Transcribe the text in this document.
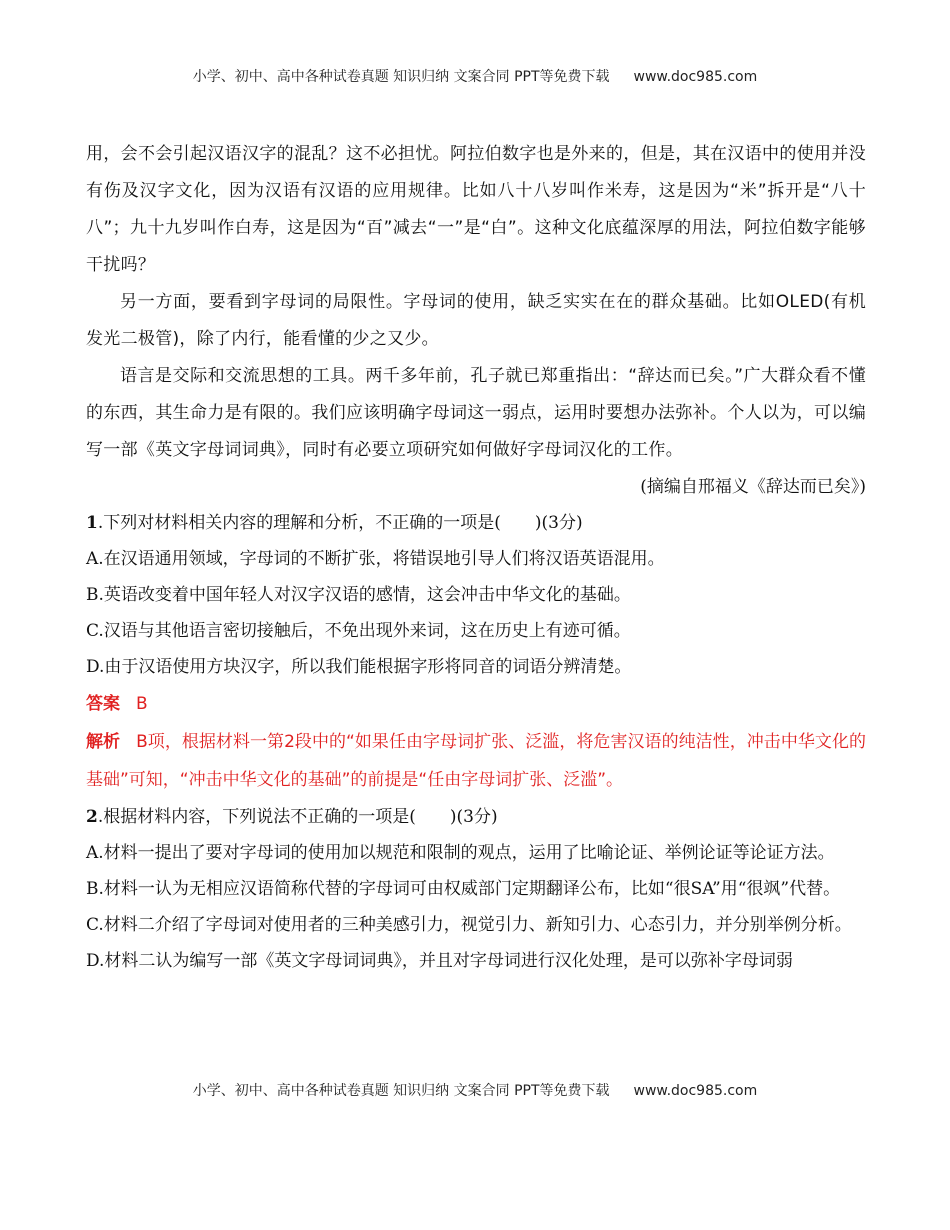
小学、初中、高中各种试卷真题 知识归纳 文案合同 PPT等免费下载 www.doc985.com

用，会不会引起汉语汉字的混乱？这不必担忧。阿拉伯数字也是外来的，但是，其在汉语中的使用并没有伤及汉字文化，因为汉语有汉语的应用规律。比如八十八岁叫作米寿，这是因为“米”拆开是“八十八”；九十九岁叫作白寿，这是因为“百”减去“一”是“白”。这种文化底蕴深厚的用法，阿拉伯数字能够干扰吗？

另一方面，要看到字母词的局限性。字母词的使用，缺乏实实在在的群众基础。比如OLED(有机发光二极管)，除了内行，能看懂的少之又少。

语言是交际和交流思想的工具。两千多年前，孔子就已郑重指出：“辞达而已矣。”广大群众看不懂的东西，其生命力是有限的。我们应该明确字母词这一弱点，运用时要想办法弥补。个人以为，可以编写一部《英文字母词词典》，同时有必要立项研究如何做好字母词汉化的工作。

(摘编自邢福义《辞达而已矣》)

1.下列对材料相关内容的理解和分析，不正确的一项是(　　)(3分)

A.在汉语通用领域，字母词的不断扩张，将错误地引导人们将汉语英语混用。

B.英语改变着中国年轻人对汉字汉语的感情，这会冲击中华文化的基础。

C.汉语与其他语言密切接触后，不免出现外来词，这在历史上有迹可循。

D.由于汉语使用方块汉字，所以我们能根据字形将同音的词语分辨清楚。

答案 B

解析 B项，根据材料一第2段中的“如果任由字母词扩张、泛滥，将危害汉语的纯洁性，冲击中华文化的基础”可知，“冲击中华文化的基础”的前提是“任由字母词扩张、泛滥”。

2.根据材料内容，下列说法不正确的一项是(　　)(3分)

A.材料一提出了要对字母词的使用加以规范和限制的观点，运用了比喻论证、举例论证等论证方法。

B.材料一认为无相应汉语简称代替的字母词可由权威部门定期翻译公布，比如“很SA”用“很飒”代替。

C.材料二介绍了字母词对使用者的三种美感引力，视觉引力、新知引力、心态引力，并分别举例分析。

D.材料二认为编写一部《英文字母词词典》，并且对字母词进行汉化处理，是可以弥补字母词弱

小学、初中、高中各种试卷真题 知识归纳 文案合同 PPT等免费下载 www.doc985.com
